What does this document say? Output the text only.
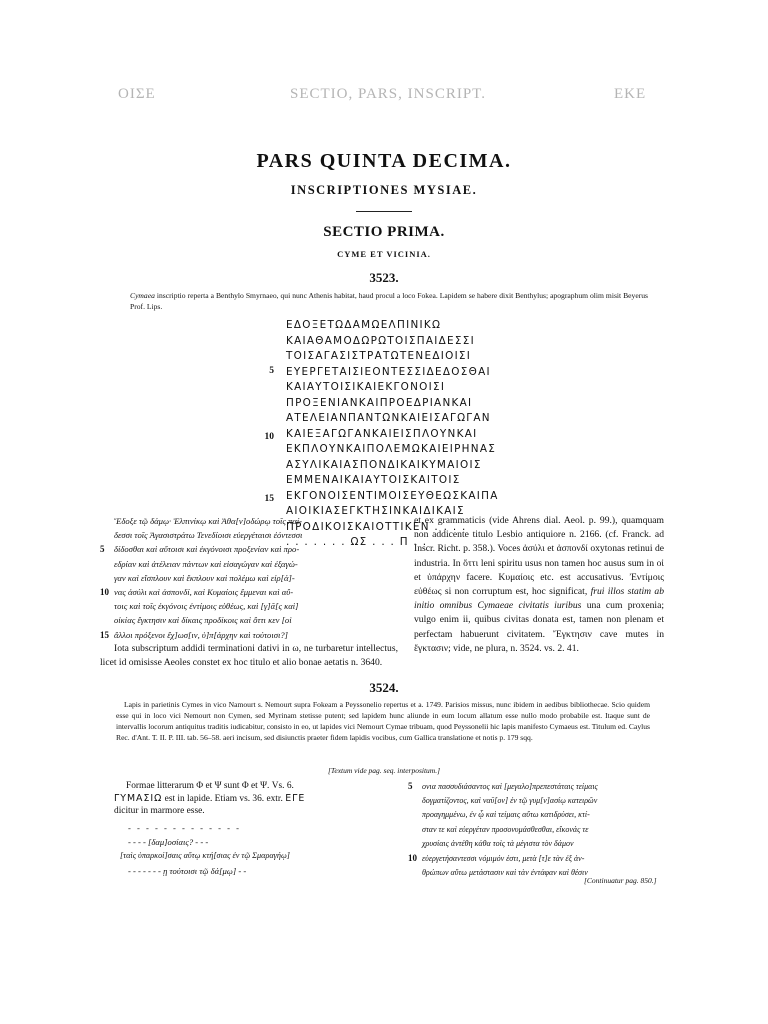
ΟΙΣΕ	SECTIO, PARS, INSCRIPT.	ΕΚΕ
PARS QUINTA DECIMA.
INSCRIPTIONES MYSIAE.
SECTIO PRIMA.
CYME ET VICINIA.
3523.
Cymaea inscriptio reperta a Benthylo Smyrnaeo, qui nunc Athenis habitat, haud procul a loco Fokea. Lapidem se habere dixit Benthylus; apographum olim misit Beyerus Prof. Lips.
ΕΔΟΞΕΤΩΔΑΜΩΕΛΠΙΝΙΚΩ
ΚΑΙΑΘΑΜΟΔΩΡΩΤΟΙΣΠΑΙΔΕΣΣΙ
ΤΟΙΣΑΓΑΣΙΣΤΡΑΤΩΤΕΝΕΔΙΟΙΣΙ
ΕΥΕΡΓΕΤΑΙΣΙΕΟΝΤΕΣΣΙΔΕΔΟΣΘΑΙ
ΚΑΙΑΥΤΟΙΣΙΚΑΙΕΚΓΟΝΟΙΣΙ
ΠΡΟΞΕΝΙΑΝΚΑΙΠΡΟΕΔΡΙΑΝΚΑΙ
ΑΤΕΛΕΙΑΝΠΑΝΤΩΝΚΑΙΕΙΣΑΓΩΓΑΝ
ΚΑΙΕΞΑΓΩΓΑΝΚΑΙΕΙΣΠΛΟΥΝΚΑΙ
ΕΚΠΛΟΥΝΚΑΙΠΟΛΕΜΩΚΑΙΕΙΡΗΝΑΣ
ΑΣΥΛΙΚΑΙΑΣΠΟΝΔΙΚΑΙΚΥΜΑΙΟΙΣ
ΕΜΜΕΝΑΙΚΑΙΑΥΤΟΙΣΚΑΙΤΟΙΣ
ΕΚΓΟΝΟΙΣΕΝΤΙΜΟΙΣΕΥΘΕΩΣΚΑΙΠΑ
ΑΙΟΙΚΙΑΣΕΓΚΤΗΣΙΝΚΑΙΔΙΚΑΙΣ
ΠΡΟΔΙΚΟΙΣΚΑΙΟΤΤΙΚΕΝ . . . .
. . . . . . . ΩΣ . . . Π . .
5
10
15
Ἔδοξε τῷ δάμῳ· Ἐλπινίκῳ καὶ Ἀθα[ν]οδώρῳ τοῖς παί-
δεσσι τοῖς Ἀγασιστράτω Τενεδίοισι εὐεργέταισι ἐόντεσσι
5 δίδοσθαι καὶ αὔτοισι καὶ ἐκγόνοισι προξενίαν καὶ προ-
εδρίαν καὶ ἀτέλειαν πάντων καὶ εἰσαγώγαν καὶ ἐξαγώ-
γαν καὶ εἴσπλουν καὶ ἔκπλουν καὶ πολέμω καὶ εἰρ[ά]-
10 νας ἀσύλι καὶ ἀσπονδί, καὶ Κυμαίοις ἔμμεναι καὶ αὔ-
τοις καὶ τοῖς ἐκγόνοις ἐντίμοις εὐθέως, καὶ [γ]ᾶ[ς καὶ]
οἰκίας ἔγκτησιν καὶ δίκαις προδίκοις καὶ ὄττι κεν [οἱ
15 ἄλλοι πρόξενοι ἔχ]ωσ[ιν, ὑ]π[άρχην καὶ τούτοισι?]
Iota subscriptum addidi terminationi dativi in ω, ne turbaretur intellectus, licet id omisisse Aeoles constet ex hoc titulo et alio bonae aetatis n. 3640.
et ex grammaticis (vide Ahrens dial. Aeol. p. 99.), quamquam non addicente titulo Lesbio antiquiore n. 2166. (cf. Franck. ad Inscr. Richt. p. 358.). Voces ἀσύλι et ἀσπονδί oxytonas retinui de industria. In ὄττι leni spiritu usus non tamen hoc ausus sum in οἱ et ὑπάρχην facere. Κυμαίοις etc. est accusativus. Ἐντίμοις εὐθέως si non corruptum est, hoc significat, frui illos statim ab initio omnibus Cymaeae civitatis iuribus una cum proxenia; vulgo enim ii, quibus civitas donata est, tamen non plenam et perfectam habuerunt civitatem. Ἔγκτησιν cave mutes in ἔγκτασιν; vide, ne plura, n. 3524. vs. 2. 41.
3524.
Lapis in parietinis Cymes in vico Namourt s. Nemourt supra Fokeam a Peyssonelio repertus et a. 1749. Parisios missus, nunc ibidem in aedibus bibliothecae. Scio quidem esse qui in loco vici Nemourt non Cymen, sed Myrinam stetisse putent; sed lapidem hunc aliunde in eum locum allatum esse nullo modo probabile est. Itaque sunt de intervallis locorum antiquitus traditis iudicabitur, consisto in eo, ut lapides vici Nemourt Cymae tribuam, quod Peyssonelii hic lapis manifesto Cymaeus est. Titulum ed. Caylus Rec. d'Ant. T. II. P. III. tab. 56–58. aeri incisum, sed disiunctis praeter fidem lapidis vocibus, cum Gallica translatione et notis p. 179 sqq.
[Textum vide pag. seq. interpositum.]
Formae litterarum Φ et Ψ sunt Φ et Ψ. Vs. 6.
ΓΥΜΑΣΙΩ est in lapide. Etiam vs. 36. extr. ΕΓΕ
dicitur in marmore esse.
- - - - - - - - - - - - -
- - - - [δαμ]οσίαις? - - -
[ταὶς ὑπαρκοί]σαις αὔτῳ κτή[σιας ἐν τῷ Σμαραγήῳ]
- - - - - - - ῃ τούτοισι τῷ δά[μῳ] - -
5 ονια πασσυδιάσαντος καὶ [μεγαλο]πρεπεστάταις τείμαις
δογματίζοντος, καὶ ναῦ[ον] ἐν τῷ γυμ[ν]ασίῳ κατειρῶν
προαγημμένω, ἐν ᾧ καὶ τείμαις αὔτω κατιδρύσει, κτί-
σταν τε καὶ εὐεργέταν προσονυμάσθεσθαι, εἴκονάς τε
χρυσίαις ἀντέθη κάθα τοὶς τὰ μέγιστα τὸν δάμον
10 εὐεργετήσαντεσσι νόμιμόν ἐστι, μετὰ [τ]ε τὰν ἐξ ἀν-
θρώπων αὔτω μετάστασιν καὶ τὰν ἐντάφαν καὶ θέσιν
[Continuatur pag. 850.]
